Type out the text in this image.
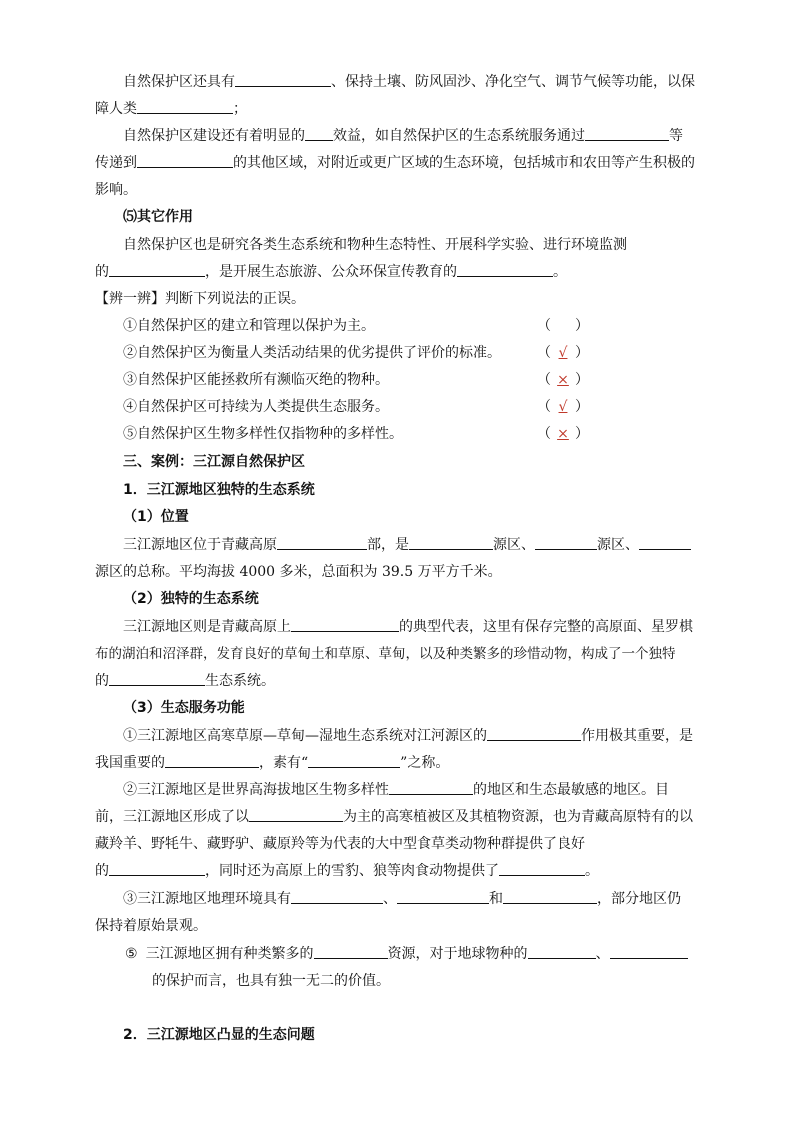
自然保护区还具有	、保持土壤、防风固沙、净化空气、调节气候等功能，以保
障人类	；
自然保护区建设还有着明显的 效益，如自然保护区的生态系统服务通过	等
传递到	的其他区域，对附近或更广区域的生态环境，包括城市和农田等产生积极的
影响。
⑸其它作用
自然保护区也是研究各类生态系统和物种生态特性、开展科学实验、进行环境监测
的	，是开展生态旅游、公众环保宣传教育的	。
【辨一辨】判断下列说法的正误。
①自然保护区的建立和管理以保护为主。	（ ）
②自然保护区为衡量人类活动结果的优劣提供了评价的标准。	（ √ ）
③自然保护区能拯救所有濒临灭绝的物种。	（ × ）
④自然保护区可持续为人类提供生态服务。	（ √ ）
⑤自然保护区生物多样性仅指物种的多样性。	（ × ）
三、案例：三江源自然保护区
1．三江源地区独特的生态系统
（1）位置
三江源地区位于青藏高原	部，是	源区、	源区、
源区的总称。平均海拔 4000 多米，总面积为 39.5 万平方千米。
（2）独特的生态系统
三江源地区则是青藏高原上	的典型代表，这里有保存完整的高原面、星罗棋
布的湖泊和沼泽群，发育良好的草甸土和草原、草甸，以及种类繁多的珍惜动物，构成了一个独特
的	生态系统。
（3）生态服务功能
①三江源地区高寒草原—草甸—湿地生态系统对江河源区的	作用极其重要，是
我国重要的	，素有“	”之称。
②三江源地区是世界高海拔地区生物多样性	的地区和生态最敏感的地区。目
前，三江源地区形成了以	为主的高寒植被区及其植物资源，也为青藏高原特有的以
藏羚羊、野牦牛、藏野驴、藏原羚等为代表的大中型食草类动物种群提供了良好
的	，同时还为高原上的雪豹、狼等肉食动物提供了	。
③三江源地区地理环境具有	、	和	，部分地区仍
保持着原始景观。
⑤ 三江源地区拥有种类繁多的	资源，对于地球物种的	、
的保护而言，也具有独一无二的价值。
2．三江源地区凸显的生态问题
